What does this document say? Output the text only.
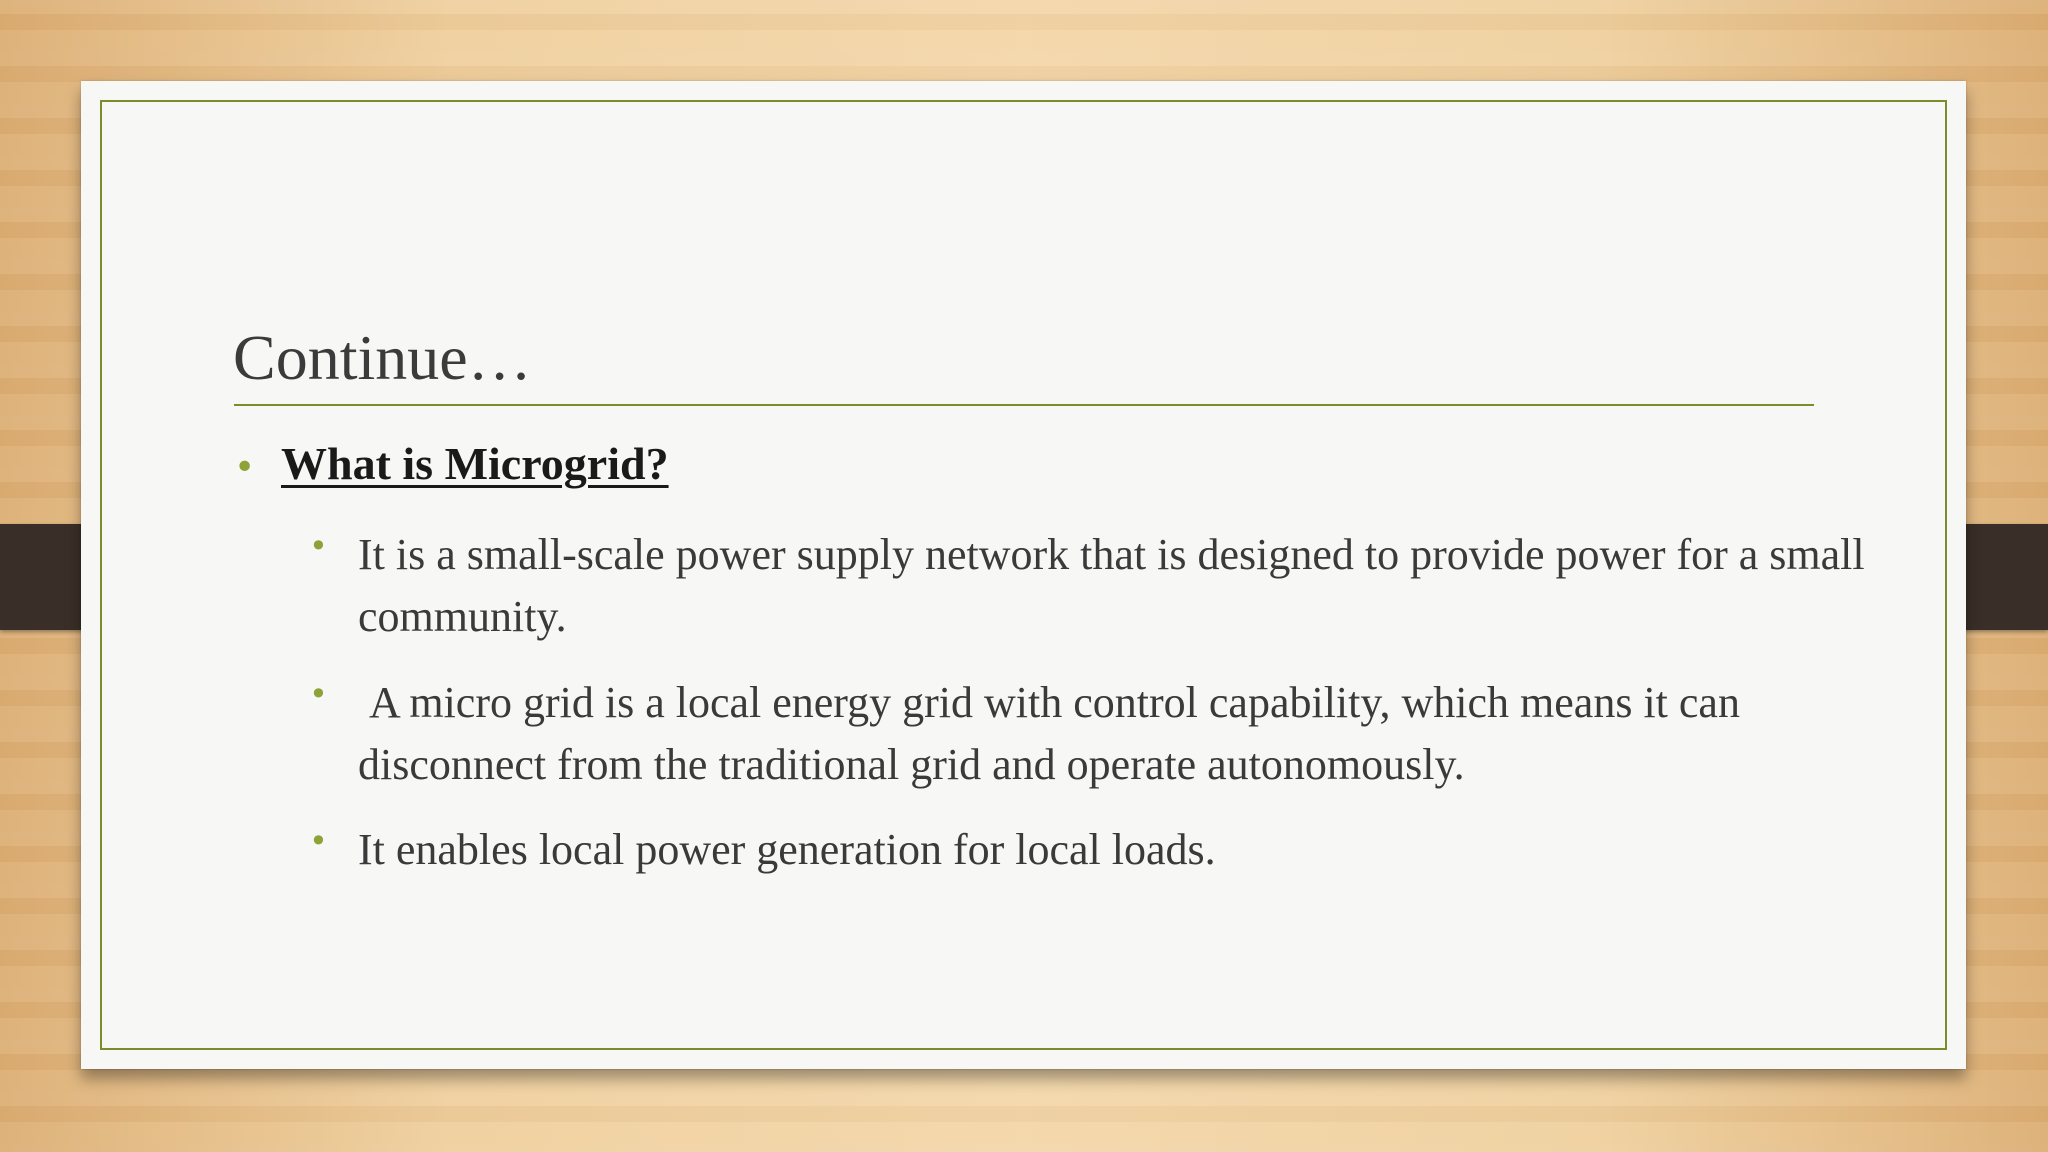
Continue…
• What is Microgrid?
• It is a small-scale power supply network that is designed to provide power for a small community.
• A micro grid is a local energy grid with control capability, which means it can disconnect from the traditional grid and operate autonomously.
• It enables local power generation for local loads.
